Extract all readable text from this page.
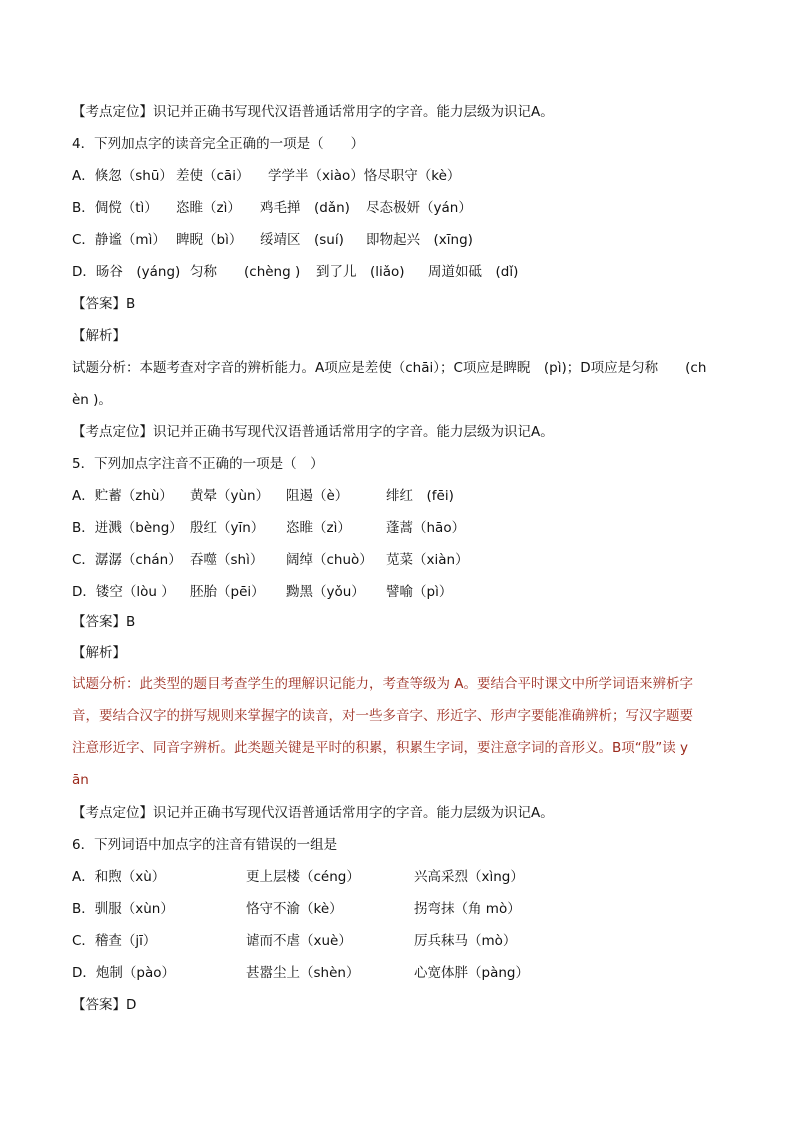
【考点定位】识记并正确书写现代汉语普通话常用字的字音。能力层级为识记A。
4．下列加点字的读音完全正确的一项是（　　）
A．倏忽（shū） 差使（cāi） 学学半（xiào）恪尽职守（kè）
B．倜傥（tì） 恣睢（zì） 鸡毛掸　(dǎn) 尽态极妍（yán）
C．静谧（mì） 睥睨（bì） 绥靖区　(suí) 即物起兴　(xīng)
D．旸谷　(yáng) 匀称　　(chèng ) 到了儿　(liǎo) 周道如砥　(dǐ)
【答案】B
【解析】
试题分析：本题考查对字音的辨析能力。A项应是差使（chāi）；C项应是睥睨　(pì)；D项应是匀称　　(ch
èn )。
【考点定位】识记并正确书写现代汉语普通话常用字的字音。能力层级为识记A。
5．下列加点字注音不正确的一项是（　）
A．贮蓄（zhù） 黄晕（yùn） 阻遏（è）	绯红　(fēi)
B．迸溅（bèng） 殷红（yīn） 恣睢（zì）	蓬蒿（hāo）
C．潺潺（chán） 吞噬（shì） 阔绰（chuò） 苋菜（xiàn）
D．镂空（lòu ） 胚胎（pēi） 黝黑（yǒu） 譬喻（pì）
【答案】B
【解析】
试题分析：此类型的题目考查学生的理解识记能力，考查等级为 A。要结合平时课文中所学词语来辨析字
音，要结合汉字的拼写规则来掌握字的读音，对一些多音字、形近字、形声字要能准确辨析；写汉字题要
注意形近字、同音字辨析。此类题关键是平时的积累，积累生字词，要注意字词的音形义。B项“殷”读 y
ān
【考点定位】识记并正确书写现代汉语普通话常用字的字音。能力层级为识记A。
6．下列词语中加点字的注音有错误的一组是
A．和煦（xù）	更上层楼（céng）	兴高采烈（xìng）
B．驯服（xùn）	恪守不渝（kè）	拐弯抹（角 mò）
C．稽查（jī）	谑而不虐（xuè）	厉兵秣马（mò）
D．炮制（pào）	甚嚣尘上（shèn）	心宽体胖（pàng）
【答案】D
